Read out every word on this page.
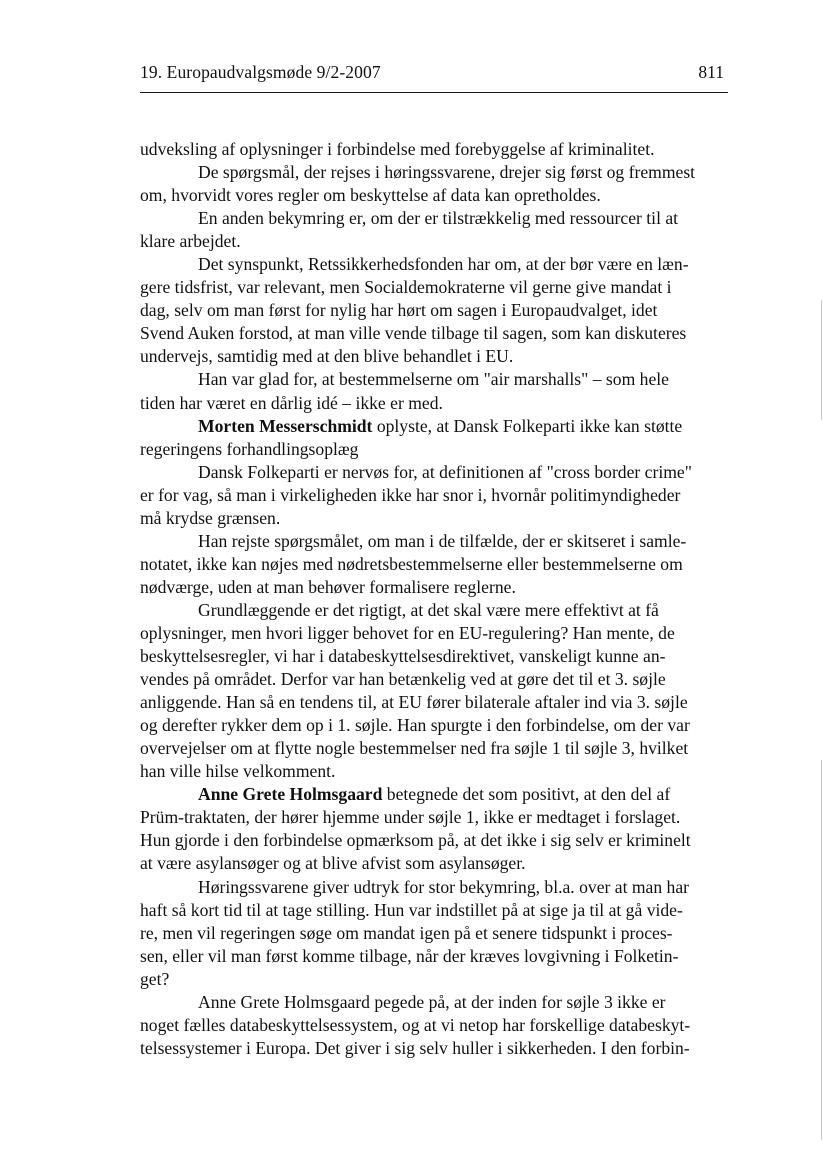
19. Europaudvalgsmøde 9/2-2007	811
udveksling af oplysninger i forbindelse med forebyggelse af kriminalitet.
De spørgsmål, der rejses i høringssvarene, drejer sig først og fremmest
om, hvorvidt vores regler om beskyttelse af data kan opretholdes.
En anden bekymring er, om der er tilstrækkelig med ressourcer til at
klare arbejdet.
Det synspunkt, Retssikkerhedsfonden har om, at der bør være en læn-
gere tidsfrist, var relevant, men Socialdemokraterne vil gerne give mandat i
dag, selv om man først for nylig har hørt om sagen i Europaudvalget, idet
Svend Auken forstod, at man ville vende tilbage til sagen, som kan diskuteres
undervejs, samtidig med at den blive behandlet i EU.
Han var glad for, at bestemmelserne om "air marshalls" – som hele
tiden har været en dårlig idé – ikke er med.
Morten Messerschmidt oplyste, at Dansk Folkeparti ikke kan støtte
regeringens forhandlingsoplæg
Dansk Folkeparti er nervøs for, at definitionen af "cross border crime"
er for vag, så man i virkeligheden ikke har snor i, hvornår politimyndigheder
må krydse grænsen.
Han rejste spørgsmålet, om man i de tilfælde, der er skitseret i samle-
notatet, ikke kan nøjes med nødretsbestemmelserne eller bestemmelserne om
nødværge, uden at man behøver formalisere reglerne.
Grundlæggende er det rigtigt, at det skal være mere effektivt at få
oplysninger, men hvori ligger behovet for en EU-regulering? Han mente, de
beskyttelsesregler, vi har i databeskyttelsesdirektivet, vanskeligt kunne an-
vendes på området. Derfor var han betænkelig ved at gøre det til et 3. søjle
anliggende. Han så en tendens til, at EU fører bilaterale aftaler ind via 3. søjle
og derefter rykker dem op i 1. søjle. Han spurgte i den forbindelse, om der var
overvejelser om at flytte nogle bestemmelser ned fra søjle 1 til søjle 3, hvilket
han ville hilse velkomment.
Anne Grete Holmsgaard betegnede det som positivt, at den del af
Prüm-traktaten, der hører hjemme under søjle 1, ikke er medtaget i forslaget.
Hun gjorde i den forbindelse opmærksom på, at det ikke i sig selv er kriminelt
at være asylansøger og at blive afvist som asylansøger.
Høringssvarene giver udtryk for stor bekymring, bl.a. over at man har
haft så kort tid til at tage stilling. Hun var indstillet på at sige ja til at gå vide-
re, men vil regeringen søge om mandat igen på et senere tidspunkt i proces-
sen, eller vil man først komme tilbage, når der kræves lovgivning i Folketin-
get?
Anne Grete Holmsgaard pegede på, at der inden for søjle 3 ikke er
noget fælles databeskyttelsessystem, og at vi netop har forskellige databeskyt-
telsessystemer i Europa. Det giver i sig selv huller i sikkerheden. I den forbin-
